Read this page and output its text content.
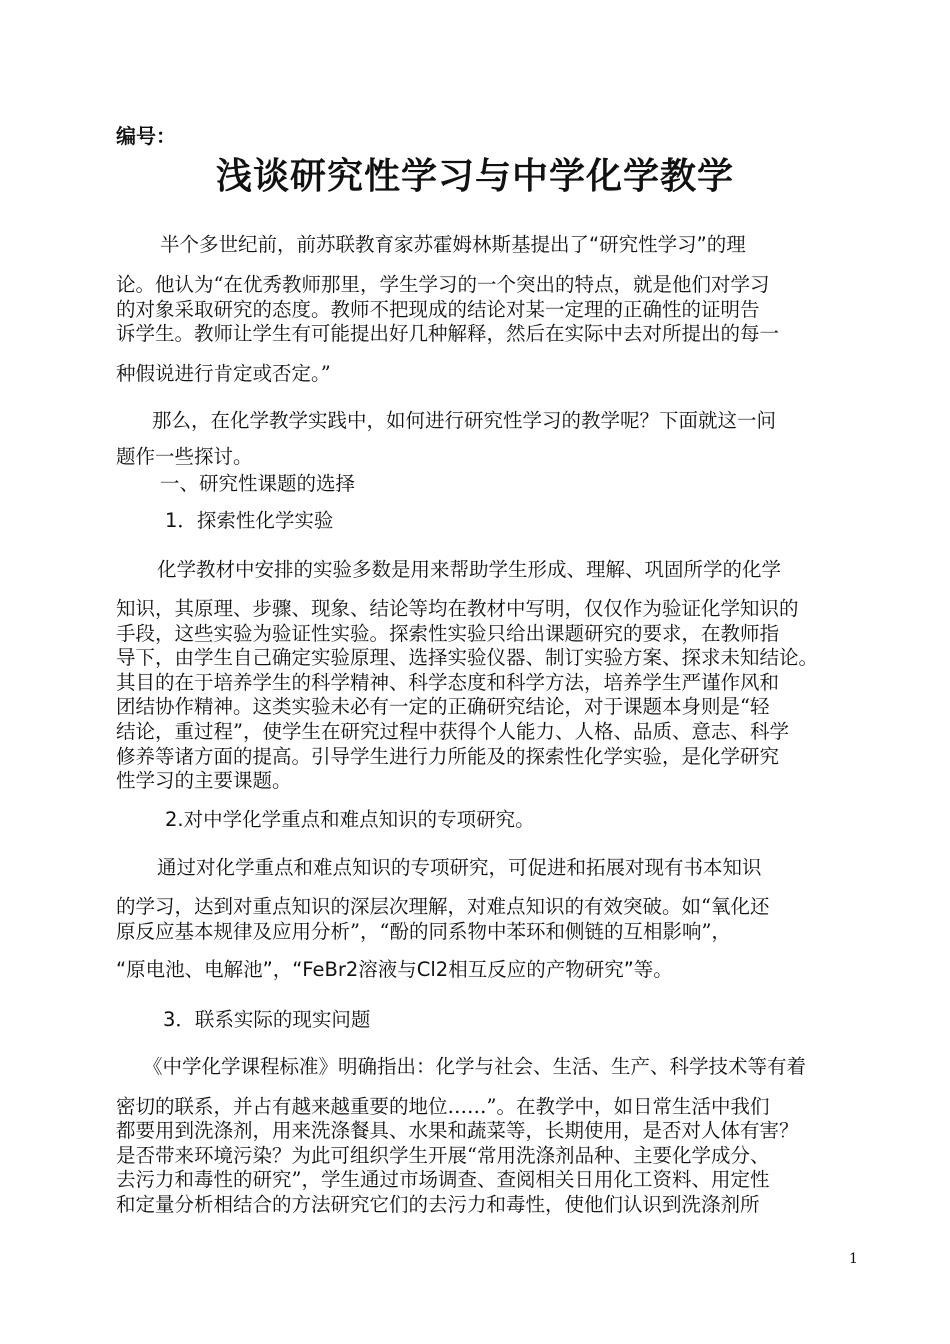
编号：
浅谈研究性学习与中学化学教学
半个多世纪前，前苏联教育家苏霍姆林斯基提出了“研究性学习”的理
论。他认为“在优秀教师那里，学生学习的一个突出的特点，就是他们对学习
的对象采取研究的态度。教师不把现成的结论对某一定理的正确性的证明告
诉学生。教师让学生有可能提出好几种解释，然后在实际中去对所提出的每一
种假说进行肯定或否定。”
那么，在化学教学实践中，如何进行研究性学习的教学呢？下面就这一问
题作一些探讨。
一、研究性课题的选择
1．探索性化学实验
化学教材中安排的实验多数是用来帮助学生形成、理解、巩固所学的化学
知识，其原理、步骤、现象、结论等均在教材中写明，仅仅作为验证化学知识的
手段，这些实验为验证性实验。探索性实验只给出课题研究的要求，在教师指
导下，由学生自己确定实验原理、选择实验仪器、制订实验方案、探求未知结论。
其目的在于培养学生的科学精神、科学态度和科学方法，培养学生严谨作风和
团结协作精神。这类实验未必有一定的正确研究结论，对于课题本身则是“轻
结论，重过程”，使学生在研究过程中获得个人能力、人格、品质、意志、科学
修养等诸方面的提高。引导学生进行力所能及的探索性化学实验，是化学研究
性学习的主要课题。
2.对中学化学重点和难点知识的专项研究。
通过对化学重点和难点知识的专项研究，可促进和拓展对现有书本知识
的学习，达到对重点知识的深层次理解，对难点知识的有效突破。如“氧化还
原反应基本规律及应用分析”，“酚的同系物中苯环和侧链的互相影响”，
“原电池、电解池”，“FeBr2溶液与Cl2相互反应的产物研究”等。
3．联系实际的现实问题
《中学化学课程标准》明确指出：化学与社会、生活、生产、科学技术等有着
密切的联系，并占有越来越重要的地位……”。在教学中，如日常生活中我们
都要用到洗涤剂，用来洗涤餐具、水果和蔬菜等，长期使用，是否对人体有害？
是否带来环境污染？为此可组织学生开展“常用洗涤剂品种、主要化学成分、
去污力和毒性的研究”，学生通过市场调查、查阅相关日用化工资料、用定性
和定量分析相结合的方法研究它们的去污力和毒性，使他们认识到洗涤剂所
1
